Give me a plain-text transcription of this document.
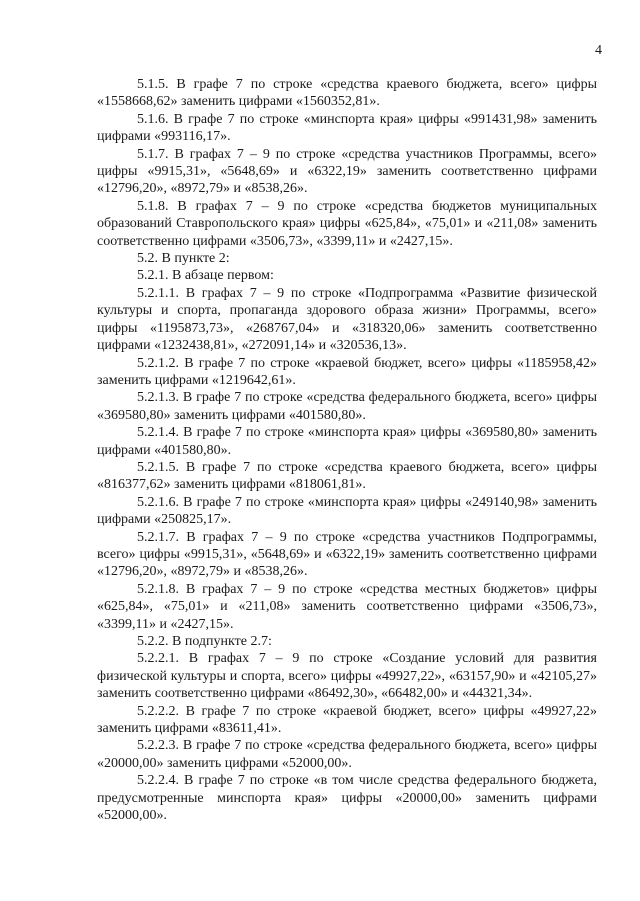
4

5.1.5. В графе 7 по строке «средства краевого бюджета, всего» цифры «1558668,62» заменить цифрами «1560352,81».

5.1.6. В графе 7 по строке «минспорта края» цифры «991431,98» заменить цифрами «993116,17».

5.1.7. В графах 7 – 9 по строке «средства участников Программы, всего» цифры «9915,31», «5648,69» и «6322,19» заменить соответственно цифрами «12796,20», «8972,79» и «8538,26».

5.1.8. В графах 7 – 9 по строке «средства бюджетов муниципальных образований Ставропольского края» цифры «625,84», «75,01» и «211,08» заменить соответственно цифрами «3506,73», «3399,11» и «2427,15».

5.2. В пункте 2:

5.2.1. В абзаце первом:

5.2.1.1. В графах 7 – 9 по строке «Подпрограмма «Развитие физической культуры и спорта, пропаганда здорового образа жизни» Программы, всего» цифры «1195873,73», «268767,04» и «318320,06» заменить соответственно цифрами «1232438,81», «272091,14» и «320536,13».

5.2.1.2. В графе 7 по строке «краевой бюджет, всего» цифры «1185958,42» заменить цифрами «1219642,61».

5.2.1.3. В графе 7 по строке «средства федерального бюджета, всего» цифры «369580,80» заменить цифрами «401580,80».

5.2.1.4. В графе 7 по строке «минспорта края» цифры «369580,80» заменить цифрами «401580,80».

5.2.1.5. В графе 7 по строке «средства краевого бюджета, всего» цифры «816377,62» заменить цифрами «818061,81».

5.2.1.6. В графе 7 по строке «минспорта края» цифры «249140,98» заменить цифрами «250825,17».

5.2.1.7. В графах 7 – 9 по строке «средства участников Подпрограммы, всего» цифры «9915,31», «5648,69» и «6322,19» заменить соответственно цифрами «12796,20», «8972,79» и «8538,26».

5.2.1.8. В графах 7 – 9 по строке «средства местных бюджетов» цифры «625,84», «75,01» и «211,08» заменить соответственно цифрами «3506,73», «3399,11» и «2427,15».

5.2.2. В подпункте 2.7:

5.2.2.1. В графах 7 – 9 по строке «Создание условий для развития физической культуры и спорта, всего» цифры «49927,22», «63157,90» и «42105,27» заменить соответственно цифрами «86492,30», «66482,00» и «44321,34».

5.2.2.2. В графе 7 по строке «краевой бюджет, всего» цифры «49927,22» заменить цифрами «83611,41».

5.2.2.3. В графе 7 по строке «средства федерального бюджета, всего» цифры «20000,00» заменить цифрами «52000,00».

5.2.2.4. В графе 7 по строке «в том числе средства федерального бюджета, предусмотренные минспорта края» цифры «20000,00» заменить цифрами «52000,00».
